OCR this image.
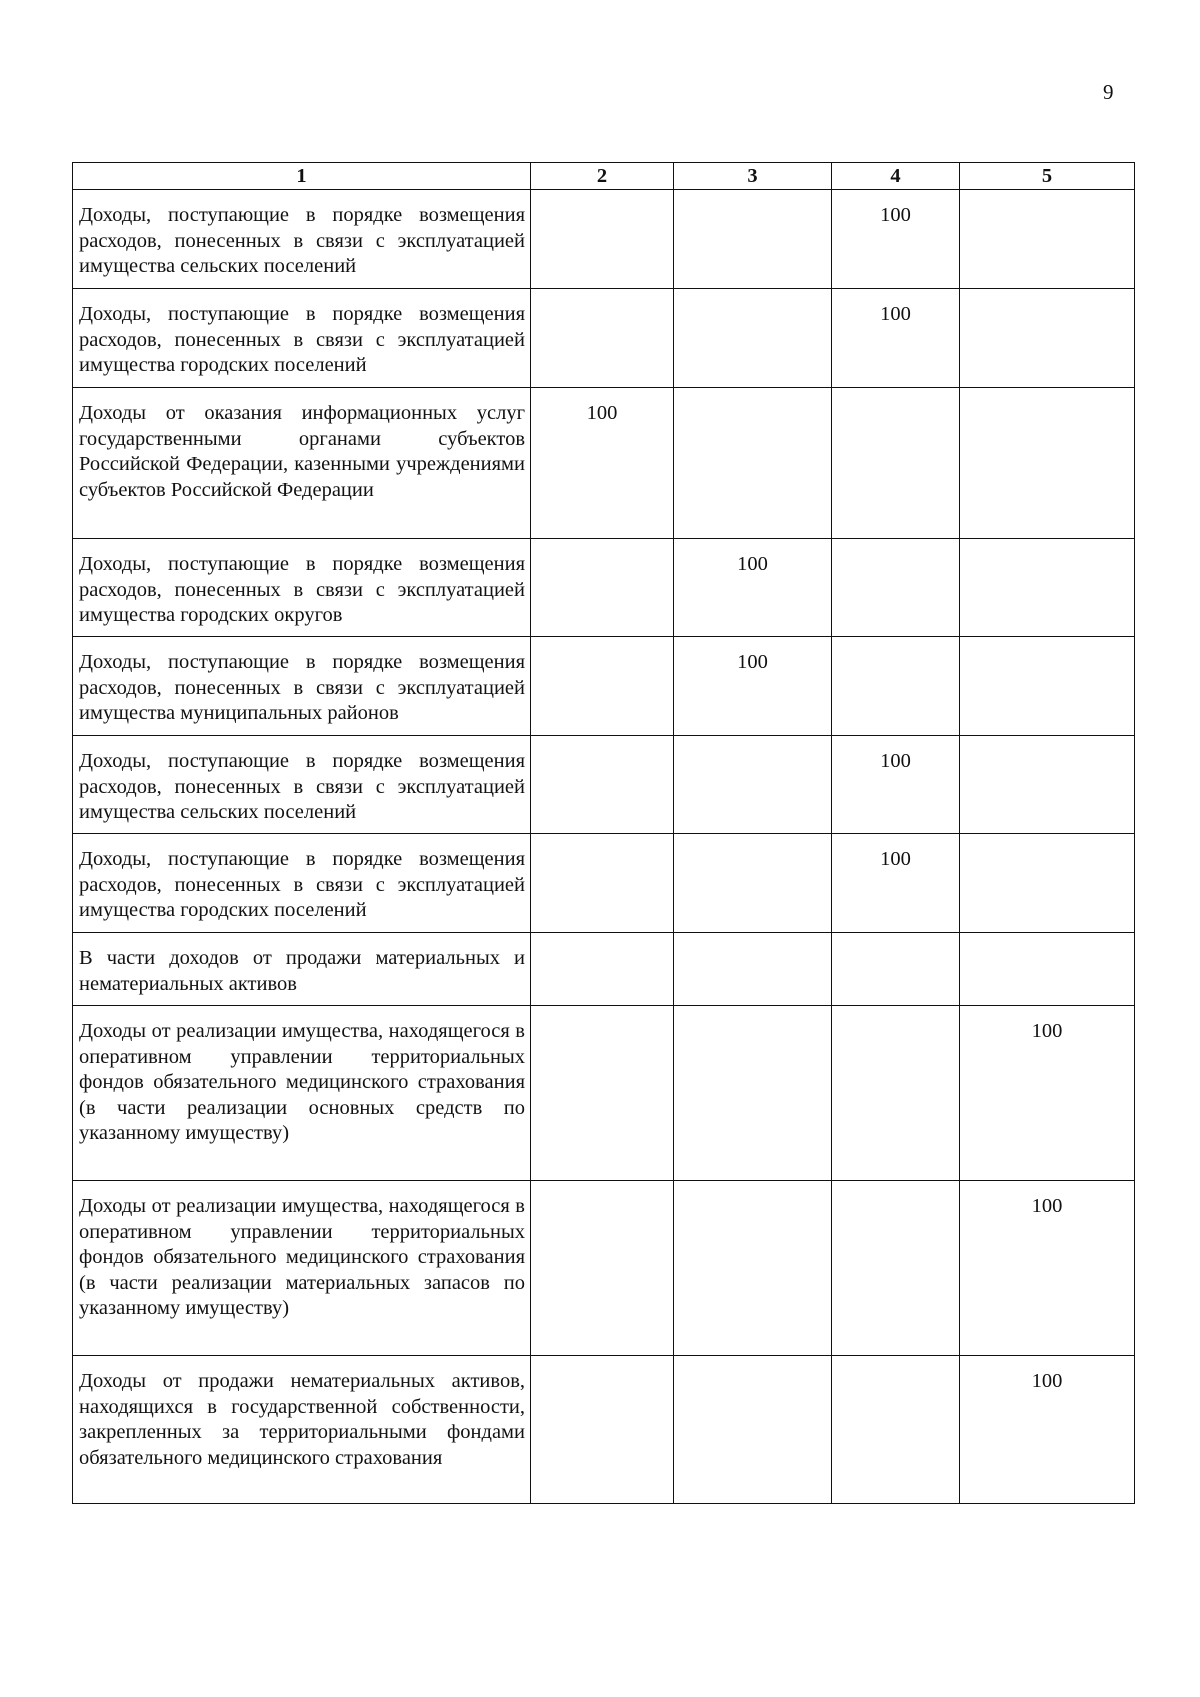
9
1	2	3	4	5
Доходы, поступающие в порядке возмещения расходов, понесенных в связи с эксплуатацией имущества сельских поселений			100	
Доходы, поступающие в порядке возмещения расходов, понесенных в связи с эксплуатацией имущества городских поселений			100	
Доходы от оказания информационных услуг государственными органами субъектов Российской Федерации, казенными учреждениями субъектов Российской Федерации	100			
Доходы, поступающие в порядке возмещения расходов, понесенных в связи с эксплуатацией имущества городских округов		100		
Доходы, поступающие в порядке возмещения расходов, понесенных в связи с эксплуатацией имущества муниципальных районов		100		
Доходы, поступающие в порядке возмещения расходов, понесенных в связи с эксплуатацией имущества сельских поселений			100	
Доходы, поступающие в порядке возмещения расходов, понесенных в связи с эксплуатацией имущества городских поселений			100	
В части доходов от продажи материальных и нематериальных активов				
Доходы от реализации имущества, находящегося в оперативном управлении территориальных фондов обязательного медицинского страхования (в части реализации основных средств по указанному имуществу)				100
Доходы от реализации имущества, находящегося в оперативном управлении территориальных фондов обязательного медицинского страхования (в части реализации материальных запасов по указанному имуществу)				100
Доходы от продажи нематериальных активов, находящихся в государственной собственности, закрепленных за территориальными фондами обязательного медицинского страхования				100
